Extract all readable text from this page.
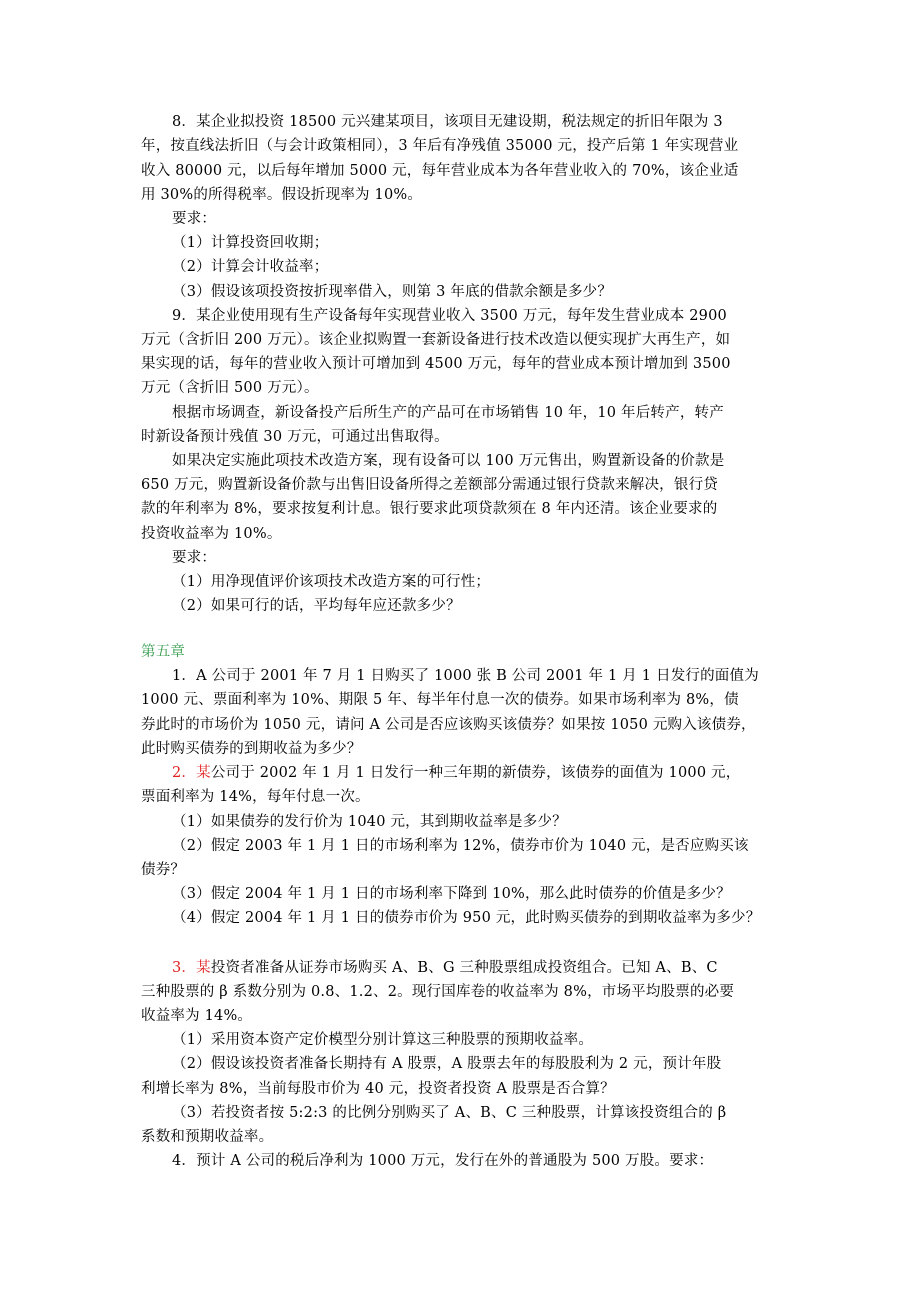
8．某企业拟投资 18500 元兴建某项目，该项目无建设期，税法规定的折旧年限为 3
年，按直线法折旧（与会计政策相同），3 年后有净残值 35000 元，投产后第 1 年实现营业
收入 80000 元，以后每年增加 5000 元，每年营业成本为各年营业收入的 70%，该企业适
用 30%的所得税率。假设折现率为 10%。
要求：
（1）计算投资回收期；
（2）计算会计收益率；
（3）假设该项投资按折现率借入，则第 3 年底的借款余额是多少？
9．某企业使用现有生产设备每年实现营业收入 3500 万元，每年发生营业成本 2900
万元（含折旧 200 万元）。该企业拟购置一套新设备进行技术改造以便实现扩大再生产，如
果实现的话，每年的营业收入预计可增加到 4500 万元，每年的营业成本预计增加到 3500
万元（含折旧 500 万元）。
根据市场调查，新设备投产后所生产的产品可在市场销售 10 年，10 年后转产，转产
时新设备预计残值 30 万元，可通过出售取得。
如果决定实施此项技术改造方案，现有设备可以 100 万元售出，购置新设备的价款是
650 万元，购置新设备价款与出售旧设备所得之差额部分需通过银行贷款来解决，银行贷
款的年利率为 8%，要求按复利计息。银行要求此项贷款须在 8 年内还清。该企业要求的
投资收益率为 10%。
要求：
（1）用净现值评价该项技术改造方案的可行性；
（2）如果可行的话，平均每年应还款多少？
第五章
1．A 公司于 2001 年 7 月 1 日购买了 1000 张 B 公司 2001 年 1 月 1 日发行的面值为
1000 元、票面利率为 10%、期限 5 年、每半年付息一次的债券。如果市场利率为 8%，债
券此时的市场价为 1050 元，请问 A 公司是否应该购买该债券？如果按 1050 元购入该债券，
此时购买债券的到期收益为多少？
2．某公司于 2002 年 1 月 1 日发行一种三年期的新债券，该债券的面值为 1000 元，
票面利率为 14%，每年付息一次。
（1）如果债券的发行价为 1040 元，其到期收益率是多少？
（2）假定 2003 年 1 月 1 日的市场利率为 12%，债券市价为 1040 元，是否应购买该
债券？
（3）假定 2004 年 1 月 1 日的市场利率下降到 10%，那么此时债券的价值是多少？
（4）假定 2004 年 1 月 1 日的债券市价为 950 元，此时购买债券的到期收益率为多少？
3．某投资者准备从证券市场购买 A、B、G 三种股票组成投资组合。已知 A、B、C
三种股票的 β 系数分别为 0.8、1.2、2。现行国库卷的收益率为 8%，市场平均股票的必要
收益率为 14%。
（1）采用资本资产定价模型分别计算这三种股票的预期收益率。
（2）假设该投资者准备长期持有 A 股票，A 股票去年的每股股利为 2 元，预计年股
利增长率为 8%，当前每股市价为 40 元，投资者投资 A 股票是否合算？
（3）若投资者按 5:2:3 的比例分别购买了 A、B、C 三种股票，计算该投资组合的 β
系数和预期收益率。
4．预计 A 公司的税后净利为 1000 万元，发行在外的普通股为 500 万股。要求：
